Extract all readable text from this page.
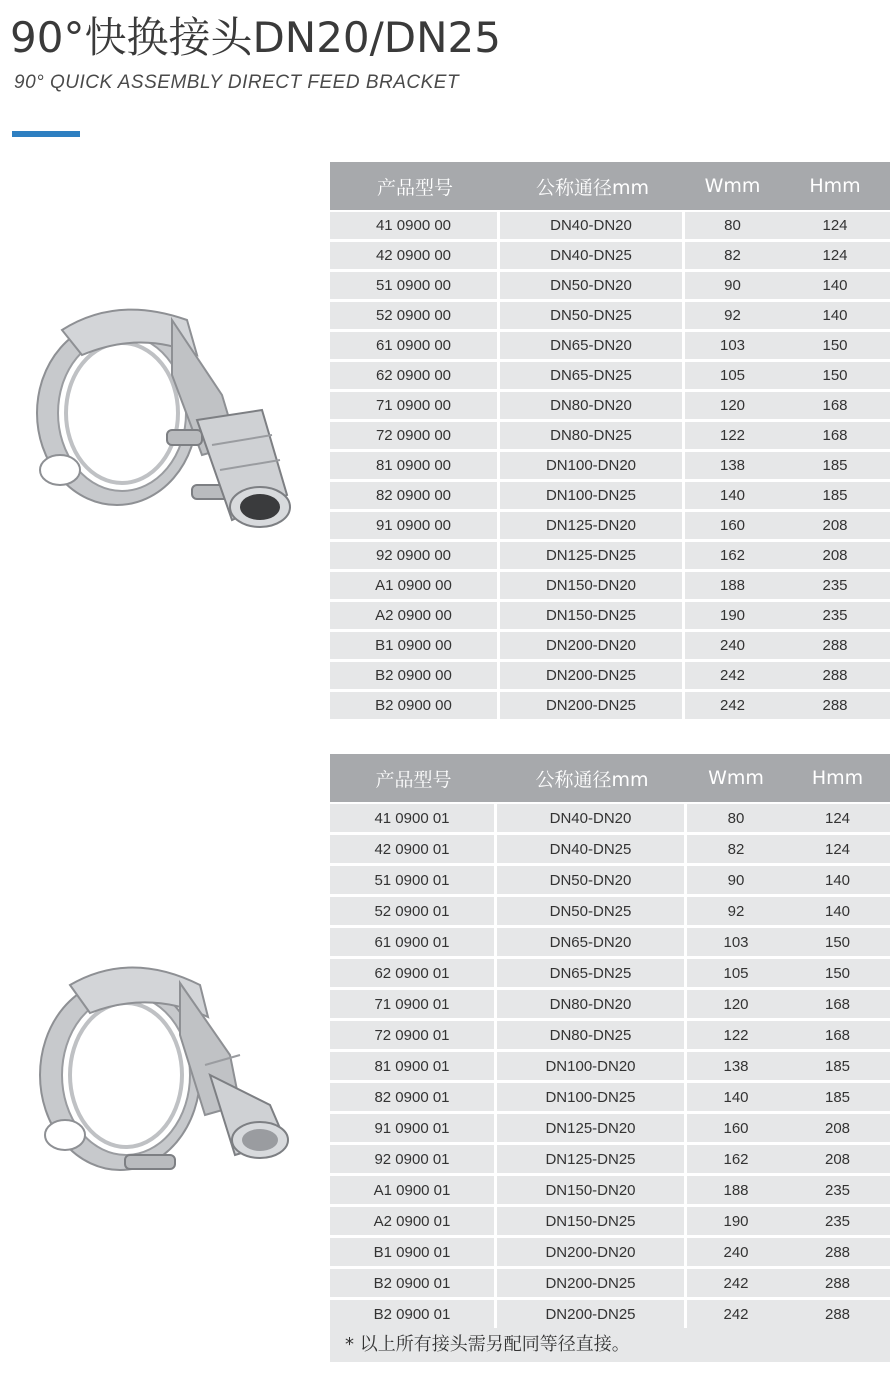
90°快换接头DN20/DN25
90° QUICK ASSEMBLY DIRECT FEED BRACKET
产品型号	公称通径mm	Wmm	Hmm
41 0900 00	DN40-DN20	80	124
42 0900 00	DN40-DN25	82	124
51 0900 00	DN50-DN20	90	140
52 0900 00	DN50-DN25	92	140
61 0900 00	DN65-DN20	103	150
62 0900 00	DN65-DN25	105	150
71 0900 00	DN80-DN20	120	168
72 0900 00	DN80-DN25	122	168
81 0900 00	DN100-DN20	138	185
82 0900 00	DN100-DN25	140	185
91 0900 00	DN125-DN20	160	208
92 0900 00	DN125-DN25	162	208
A1 0900 00	DN150-DN20	188	235
A2 0900 00	DN150-DN25	190	235
B1 0900 00	DN200-DN20	240	288
B2 0900 00	DN200-DN25	242	288
B2 0900 00	DN200-DN25	242	288
产品型号	公称通径mm	Wmm	Hmm
41 0900 01	DN40-DN20	80	124
42 0900 01	DN40-DN25	82	124
51 0900 01	DN50-DN20	90	140
52 0900 01	DN50-DN25	92	140
61 0900 01	DN65-DN20	103	150
62 0900 01	DN65-DN25	105	150
71 0900 01	DN80-DN20	120	168
72 0900 01	DN80-DN25	122	168
81 0900 01	DN100-DN20	138	185
82 0900 01	DN100-DN25	140	185
91 0900 01	DN125-DN20	160	208
92 0900 01	DN125-DN25	162	208
A1 0900 01	DN150-DN20	188	235
A2 0900 01	DN150-DN25	190	235
B1 0900 01	DN200-DN20	240	288
B2 0900 01	DN200-DN25	242	288
B2 0900 01	DN200-DN25	242	288
* 以上所有接头需另配同等径直接。
